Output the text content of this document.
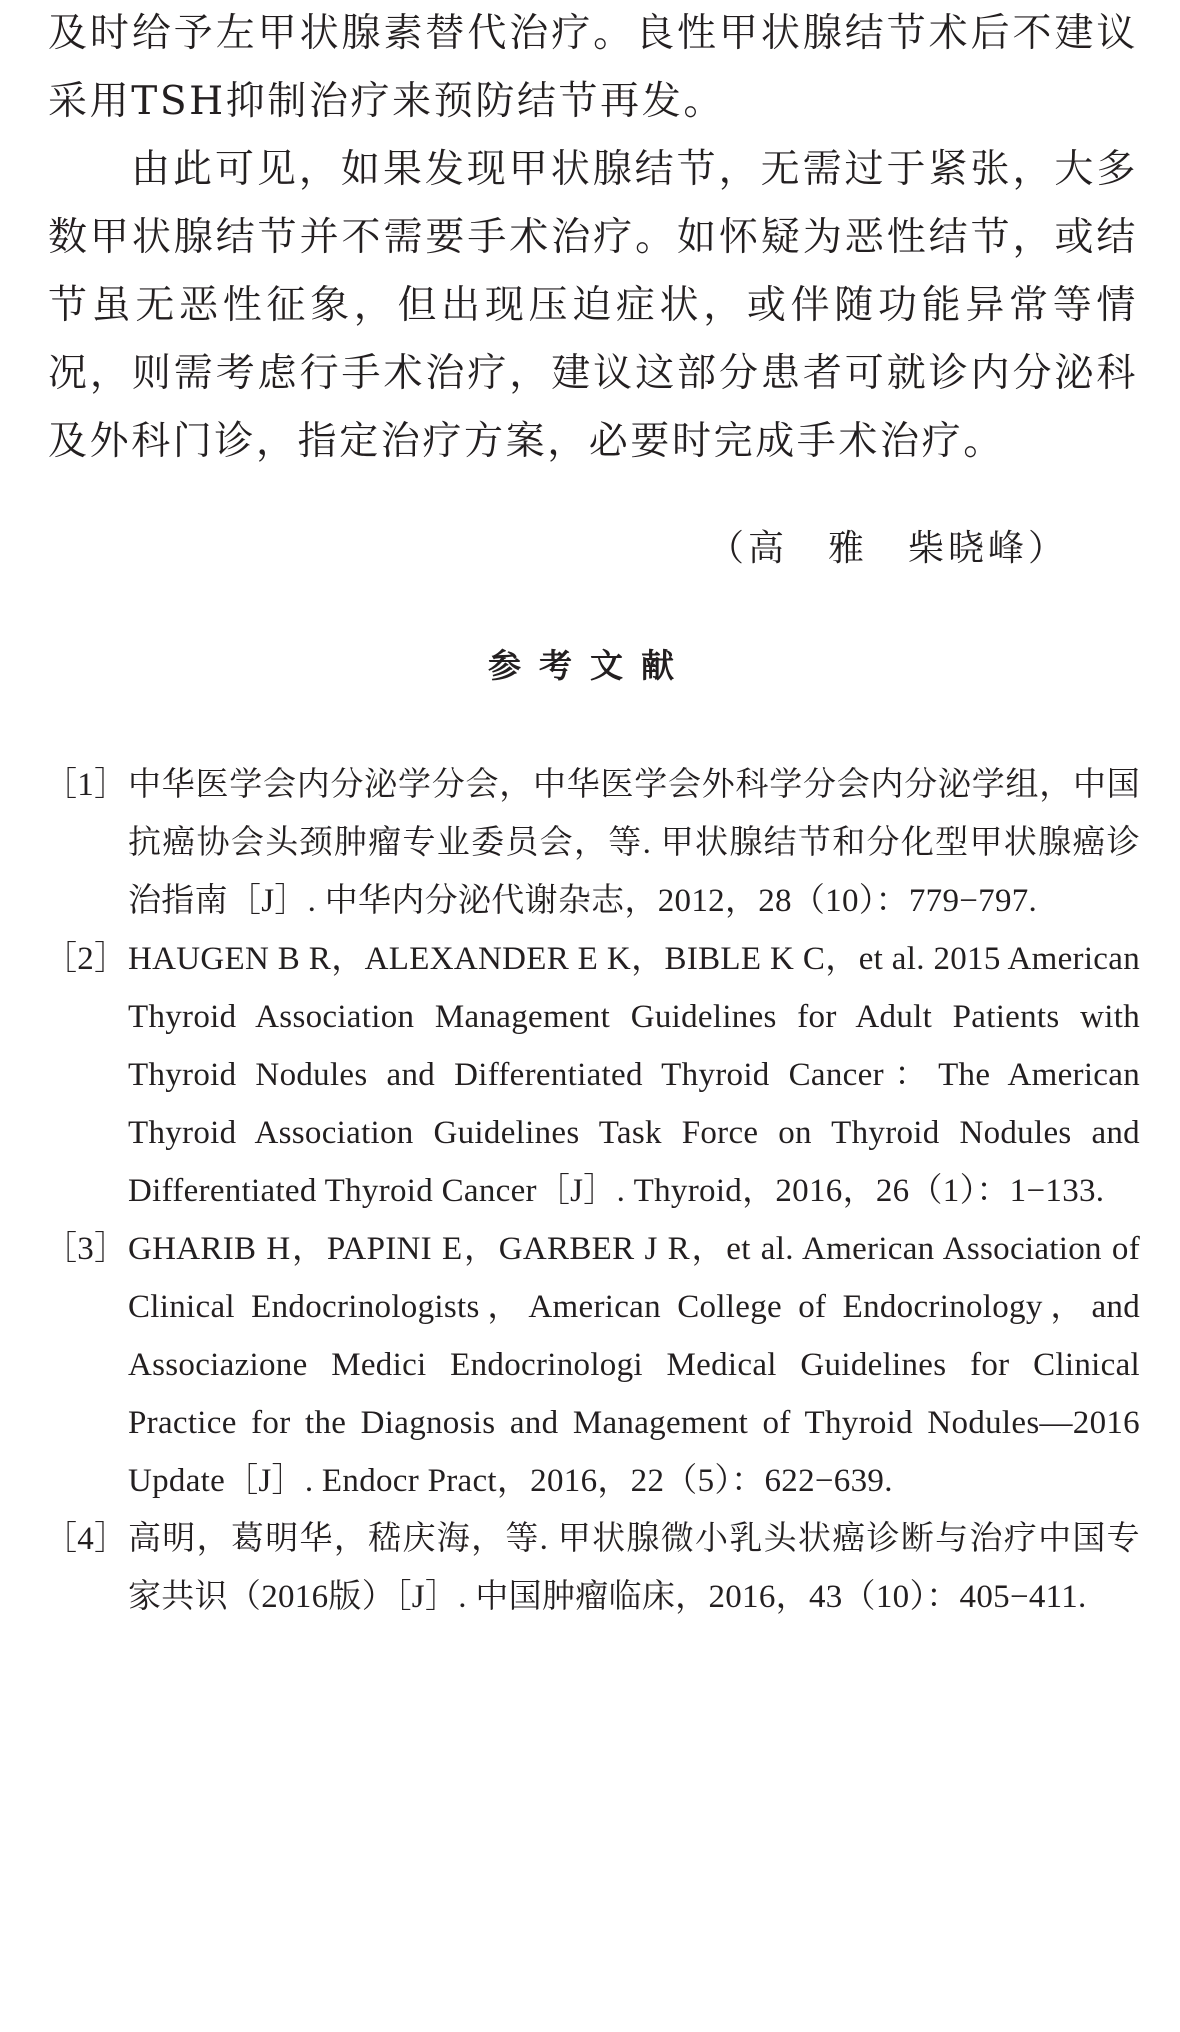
及时给予左甲状腺素替代治疗。良性甲状腺结节术后不建议采用TSH抑制治疗来预防结节再发。

由此可见，如果发现甲状腺结节，无需过于紧张，大多数甲状腺结节并不需要手术治疗。如怀疑为恶性结节，或结节虽无恶性征象，但出现压迫症状，或伴随功能异常等情况，则需考虑行手术治疗，建议这部分患者可就诊内分泌科及外科门诊，指定治疗方案，必要时完成手术治疗。

（高　雅　柴晓峰）
参考文献
［1］ 中华医学会内分泌学分会，中华医学会外科学分会内分泌学组，中国抗癌协会头颈肿瘤专业委员会，等. 甲状腺结节和分化型甲状腺癌诊治指南［J］. 中华内分泌代谢杂志，2012，28（10）：779−797.
［2］ HAUGEN B R，ALEXANDER E K，BIBLE K C，et al. 2015 American Thyroid Association Management Guidelines for Adult Patients with Thyroid Nodules and Differentiated Thyroid Cancer：The American Thyroid Association Guidelines Task Force on Thyroid Nodules and Differentiated Thyroid Cancer［J］. Thyroid，2016，26（1）：1−133.
［3］ GHARIB H，PAPINI E，GARBER J R，et al. American Association of Clinical Endocrinologists，American College of Endocrinology，and Associazione Medici Endocrinologi Medical Guidelines for Clinical Practice for the Diagnosis and Management of Thyroid Nodules—2016 Update［J］. Endocr Pract，2016，22（5）：622−639.
［4］ 高明，葛明华，嵇庆海，等. 甲状腺微小乳头状癌诊断与治疗中国专家共识（2016版）［J］. 中国肿瘤临床，2016，43（10）：405−411.
